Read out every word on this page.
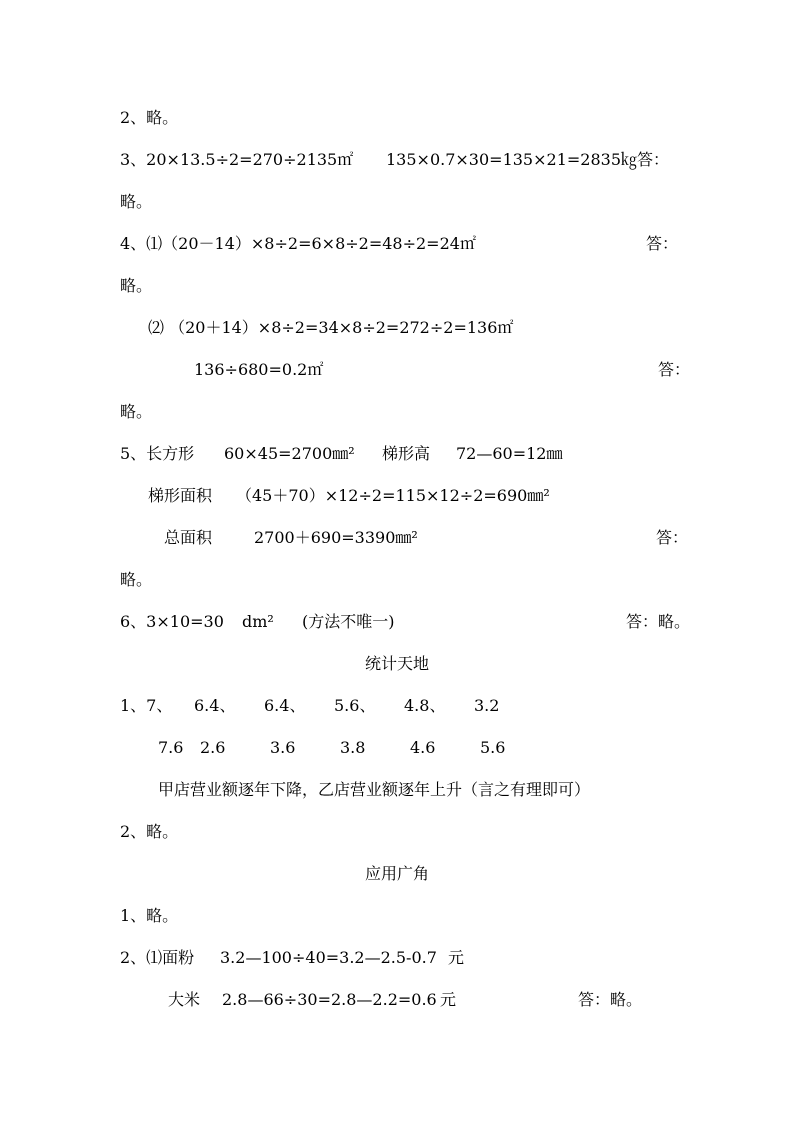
2、略。
3、20×13.5÷2=270÷2135㎡ 135×0.7×30=135×21=2835㎏答：
略。
4、⑴（20－14）×8÷2=6×8÷2=48÷2=24㎡	答：
略。
⑵ （20＋14）×8÷2=34×8÷2=272÷2=136㎡
136÷680=0.2㎡	答：
略。
5、长方形 60×45=2700㎜² 梯形高 72—60=12㎜
梯形面积 （45＋70）×12÷2=115×12÷2=690㎜²
总面积	2700＋690=3390㎜²	答：
略。
6、3×10=30 dm² (方法不唯一)	答：略。
统计天地
1、7、 6.4、 6.4、 5.6、 4.8、 3.2
7.6 2.6	3.6	3.8	4.6	5.6
甲店营业额逐年下降，乙店营业额逐年上升（言之有理即可）
2、略。
应用广角
1、略。
2、⑴面粉 3.2—100÷40=3.2—2.5-0.7 元
大米 2.8—66÷30=2.8—2.2=0.6 元	答：略。
